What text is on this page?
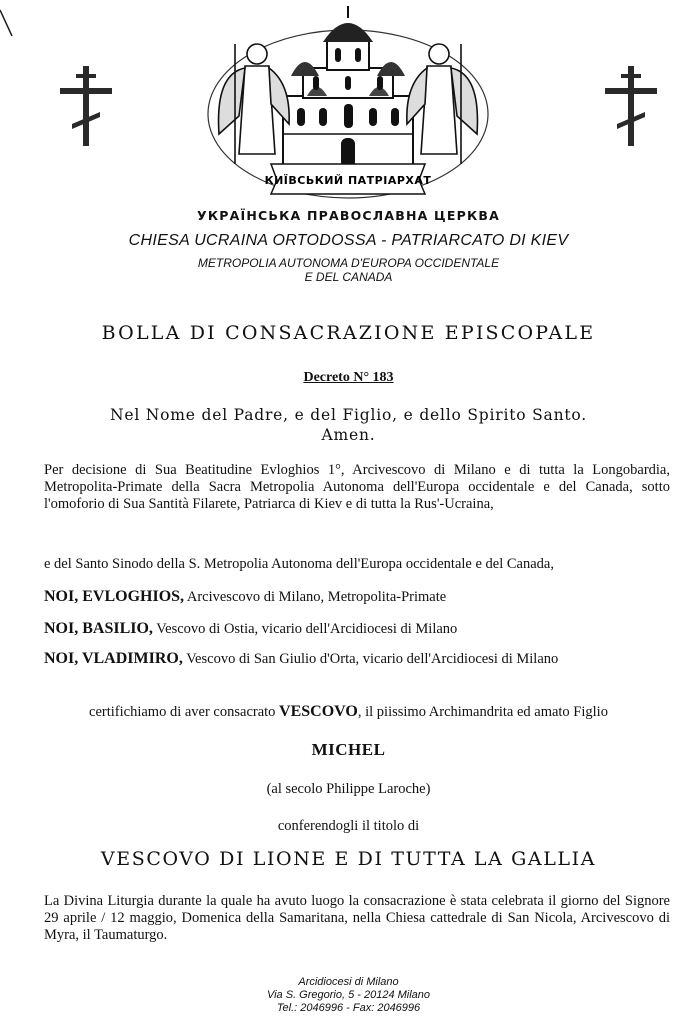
КИЇВСЬКИЙ ПАТРІАРХАТ
УКРАЇНСЬКА ПРАВОСЛАВНА ЦЕРКВА
CHIESA UCRAINA ORTODOSSA - PATRIARCATO DI KIEV
METROPOLIA AUTONOMA D'EUROPA OCCIDENTALE
E DEL CANADA
BOLLA DI CONSACRAZIONE EPISCOPALE
Decreto N° 183
Nel Nome del Padre, e del Figlio, e dello Spirito Santo.
Amen.
Per decisione di Sua Beatitudine Evloghios 1°, Arcivescovo di Milano e di tutta la Longobardia, Metropolita-Primate della Sacra Metropolia Autonoma dell'Europa occidentale e del Canada, sotto l'omoforio di Sua Santità Filarete, Patriarca di Kiev e di tutta la Rus'-Ucraina,
e del Santo Sinodo della S. Metropolia Autonoma dell'Europa occidentale e del Canada,
NOI, EVLOGHIOS, Arcivescovo di Milano, Metropolita-Primate
NOI, BASILIO, Vescovo di Ostia, vicario dell'Arcidiocesi di Milano
NOI, VLADIMIRO, Vescovo di San Giulio d'Orta, vicario dell'Arcidiocesi di Milano
certifichiamo di aver consacrato VESCOVO, il piissimo Archimandrita ed amato Figlio
MICHEL
(al secolo Philippe Laroche)
conferendogli il titolo di
VESCOVO DI LIONE E DI TUTTA LA GALLIA
La Divina Liturgia durante la quale ha avuto luogo la consacrazione è stata celebrata il giorno del Signore 29 aprile / 12 maggio, Domenica della Samaritana, nella Chiesa cattedrale di San Nicola, Arcivescovo di Myra, il Taumaturgo.
Arcidiocesi di Milano
Via S. Gregorio, 5 - 20124 Milano
Tel.: 2046996 - Fax: 2046996
